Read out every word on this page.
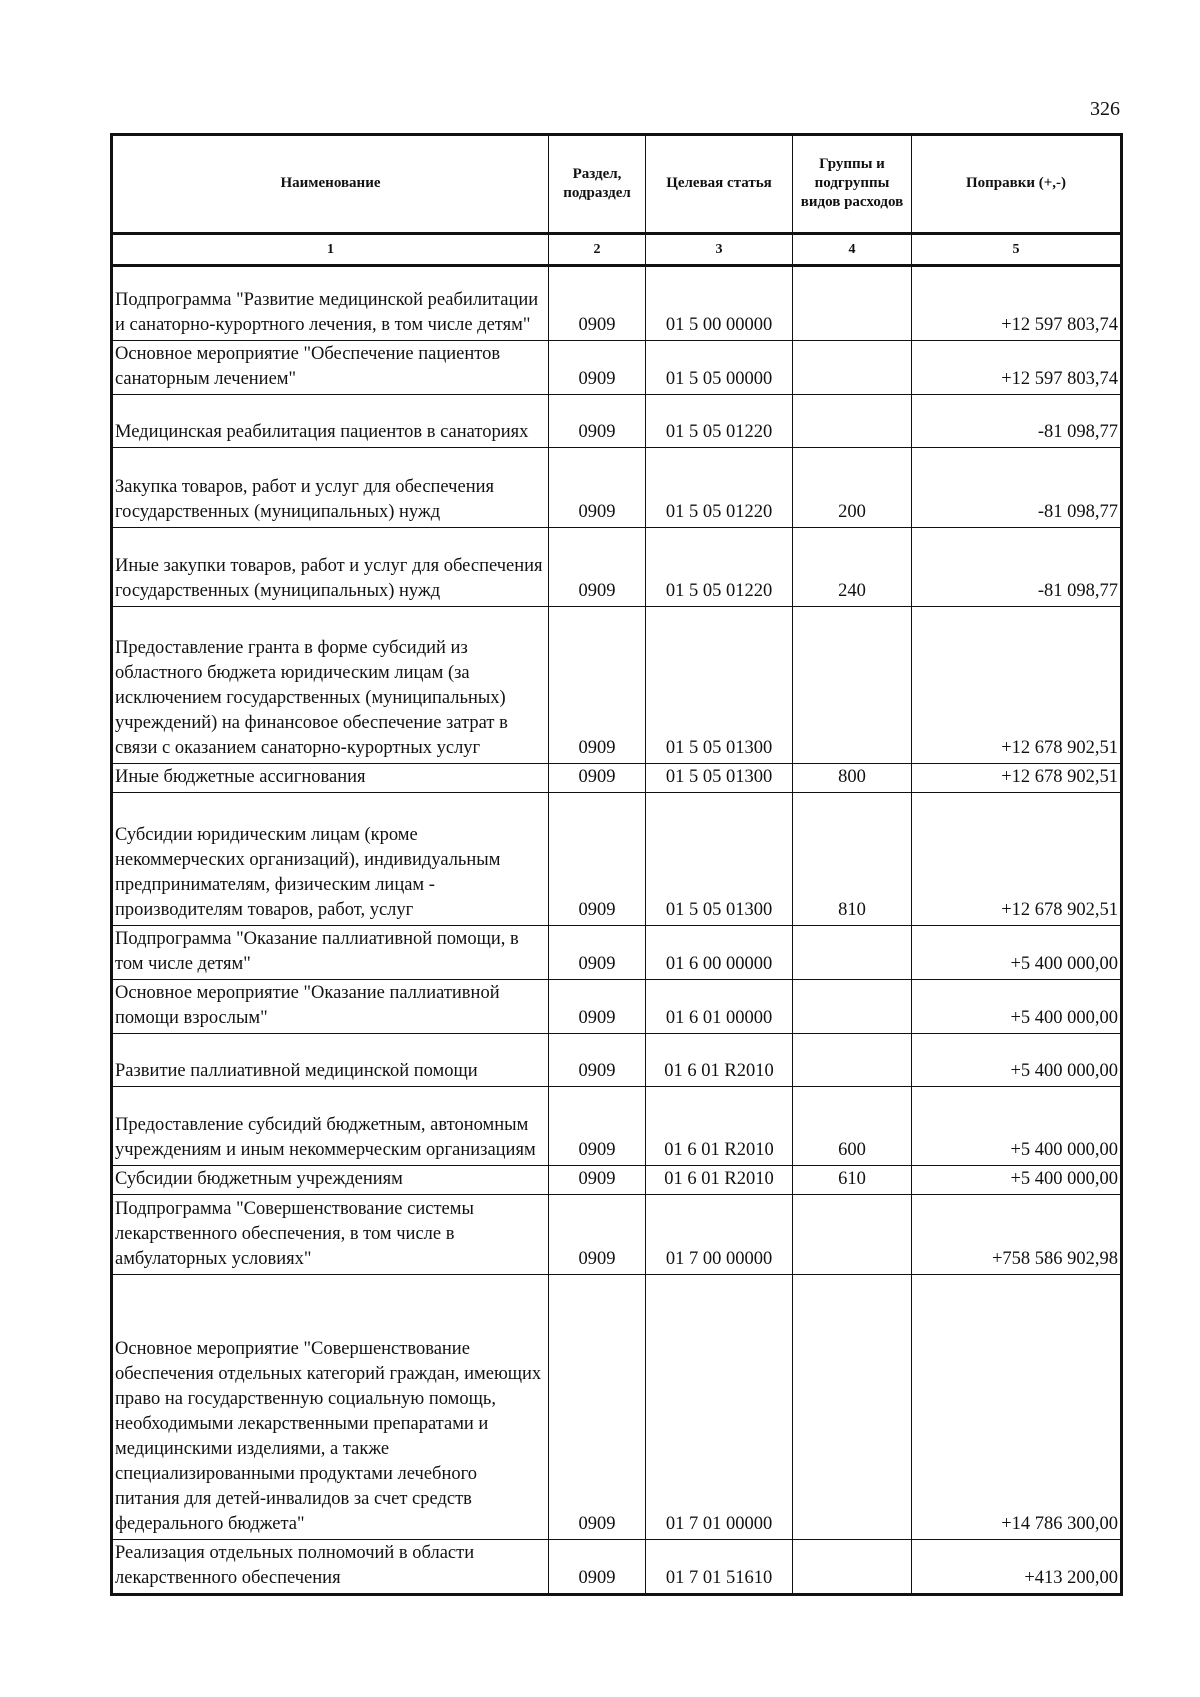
326
Наименование	Раздел, подраздел	Целевая статья	Группы и подгруппы видов расходов	Поправки (+,-)
1	2	3	4	5
Подпрограмма "Развитие медицинской реабилитации и санаторно-курортного лечения, в том числе детям"	0909	01 5 00 00000		+12 597 803,74
Основное мероприятие "Обеспечение пациентов санаторным лечением"	0909	01 5 05 00000		+12 597 803,74
Медицинская реабилитация пациентов в санаториях	0909	01 5 05 01220		-81 098,77
Закупка товаров, работ и услуг для обеспечения государственных (муниципальных) нужд	0909	01 5 05 01220	200	-81 098,77
Иные закупки товаров, работ и услуг для обеспечения государственных (муниципальных) нужд	0909	01 5 05 01220	240	-81 098,77
Предоставление гранта в форме субсидий из областного бюджета юридическим лицам (за исключением государственных (муниципальных) учреждений) на финансовое обеспечение затрат в связи с оказанием санаторно-курортных услуг	0909	01 5 05 01300		+12 678 902,51
Иные бюджетные ассигнования	0909	01 5 05 01300	800	+12 678 902,51
Субсидии юридическим лицам (кроме некоммерческих организаций), индивидуальным предпринимателям, физическим лицам - производителям товаров, работ, услуг	0909	01 5 05 01300	810	+12 678 902,51
Подпрограмма "Оказание паллиативной помощи, в том числе детям"	0909	01 6 00 00000		+5 400 000,00
Основное мероприятие "Оказание паллиативной помощи взрослым"	0909	01 6 01 00000		+5 400 000,00
Развитие паллиативной медицинской помощи	0909	01 6 01 R2010		+5 400 000,00
Предоставление субсидий бюджетным, автономным учреждениям и иным некоммерческим организациям	0909	01 6 01 R2010	600	+5 400 000,00
Субсидии бюджетным учреждениям	0909	01 6 01 R2010	610	+5 400 000,00
Подпрограмма "Совершенствование системы лекарственного обеспечения, в том числе в амбулаторных условиях"	0909	01 7 00 00000		+758 586 902,98
Основное мероприятие "Совершенствование обеспечения отдельных категорий граждан, имеющих право на государственную социальную помощь, необходимыми лекарственными препаратами и медицинскими изделиями, а также специализированными продуктами лечебного питания для детей-инвалидов за счет средств федерального бюджета"	0909	01 7 01 00000		+14 786 300,00
Реализация отдельных полномочий в области лекарственного обеспечения	0909	01 7 01 51610		+413 200,00
